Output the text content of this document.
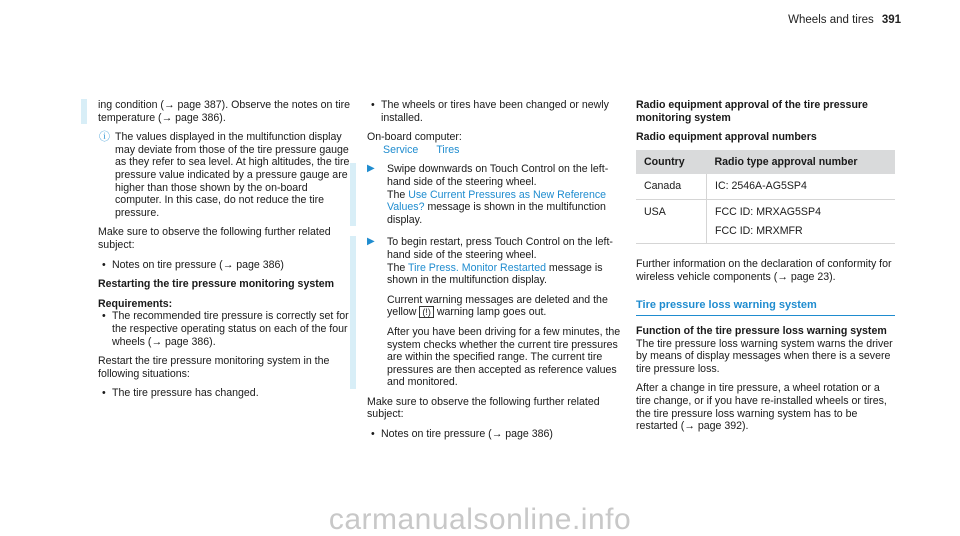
Wheels and tires 391

ing condition (→ page 387). Observe the notes on tire temperature (→ page 386).

ⓘ The values displayed in the multifunction display may deviate from those of the tire pressure gauge as they refer to sea level. At high altitudes, the tire pressure value indicated by a pressure gauge are higher than those shown by the on-board computer. In this case, do not reduce the tire pressure.

Make sure to observe the following further related subject:

• Notes on tire pressure (→ page 386)

Restarting the tire pressure monitoring system

Requirements:

• The recommended tire pressure is correctly set for the respective operating status on each of the four wheels (→ page 386).

Restart the tire pressure monitoring system in the following situations:

• The tire pressure has changed.

• The wheels or tires have been changed or newly installed.

On-board computer:

Service Tires

▶ Swipe downwards on Touch Control on the left-hand side of the steering wheel.
The Use Current Pressures as New Reference Values? message is shown in the multifunction display.

▶ To begin restart, press Touch Control on the left-hand side of the steering wheel.
The Tire Press. Monitor Restarted message is shown in the multifunction display.

Current warning messages are deleted and the yellow (!) warning lamp goes out.

After you have been driving for a few minutes, the system checks whether the current tire pressures are within the specified range. The current tire pressures are then accepted as reference values and monitored.

Make sure to observe the following further related subject:

• Notes on tire pressure (→ page 386)

Radio equipment approval of the tire pressure monitoring system

Radio equipment approval numbers

Country	Radio type approval number
Canada	IC: 2546A-AG5SP4
USA	FCC ID: MRXAG5SP4
FCC ID: MRXMFR

Further information on the declaration of conformity for wireless vehicle components (→ page 23).

Tire pressure loss warning system

Function of the tire pressure loss warning system

The tire pressure loss warning system warns the driver by means of display messages when there is a severe tire pressure loss.

After a change in tire pressure, a wheel rotation or a tire change, or if you have re-installed wheels or tires, the tire pressure loss warning system has to be restarted (→ page 392).

carmanualsonline.info
